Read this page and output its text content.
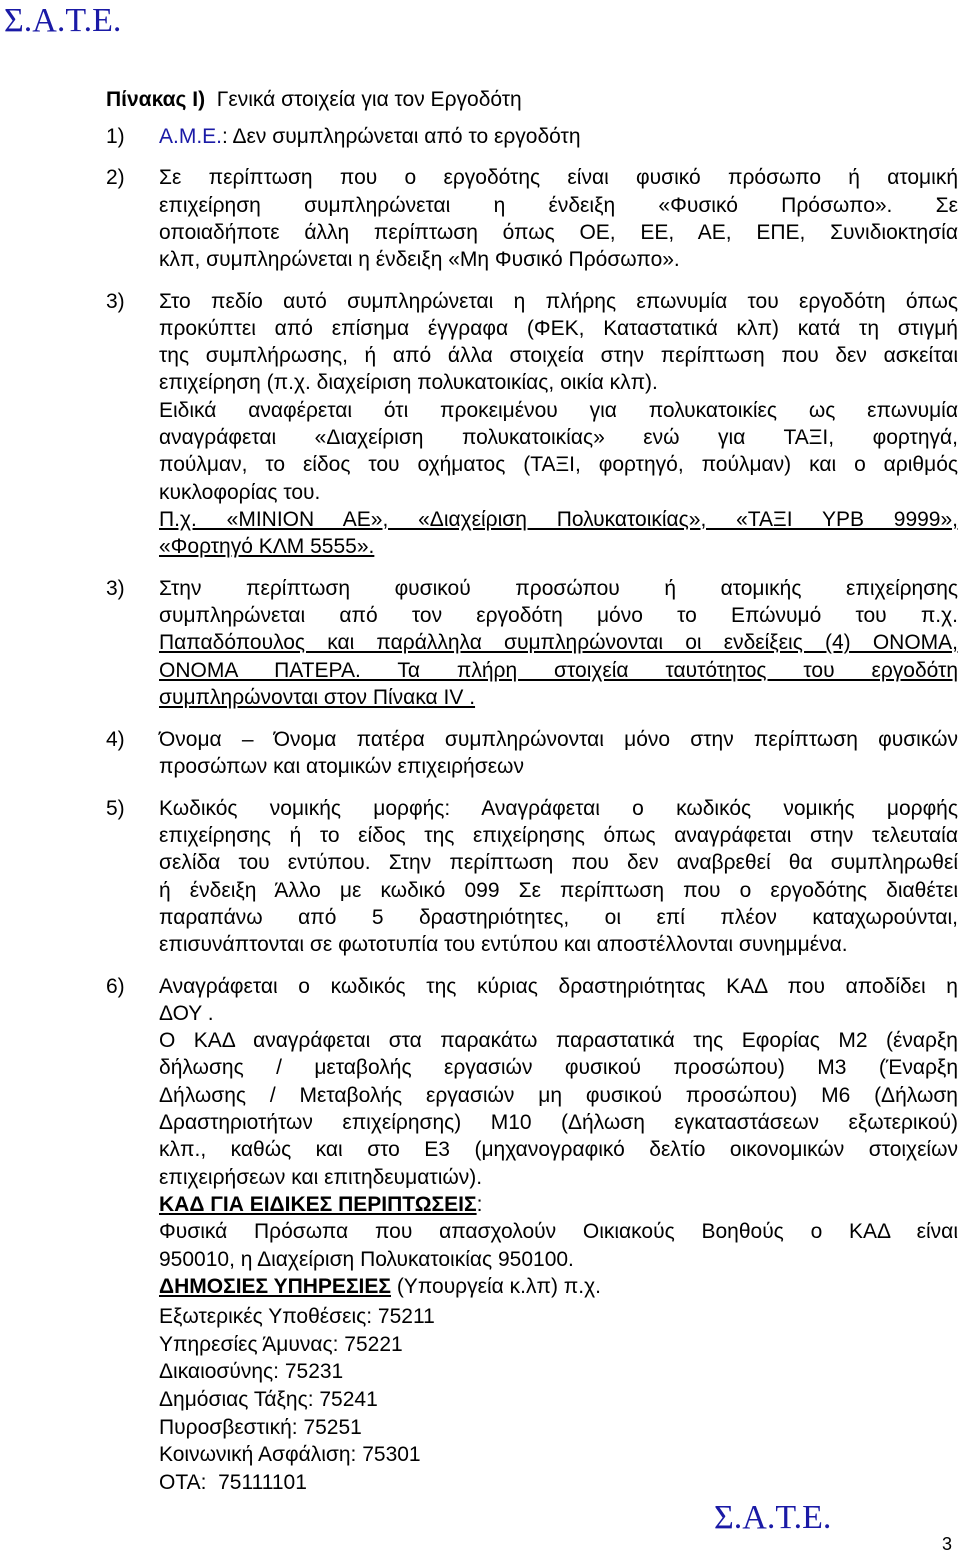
Σ.Α.Τ.Ε.
Πίνακας Ι) Γενικά στοιχεία για τον Εργοδότη
1) Α.Μ.Ε.: Δεν συμπληρώνεται από το εργοδότη
2) Σε περίπτωση που ο εργοδότης είναι φυσικό πρόσωπο ή ατομική
επιχείρηση συμπληρώνεται η ένδειξη «Φυσικό Πρόσωπο». Σε
οποιαδήποτε άλλη περίπτωση όπως ΟΕ, ΕΕ, ΑΕ, ΕΠΕ, Συνιδιοκτησία
κλπ, συμπληρώνεται η ένδειξη «Μη Φυσικό Πρόσωπο».
3) Στο πεδίο αυτό συμπληρώνεται η πλήρης επωνυμία του εργοδότη όπως
προκύπτει από επίσημα έγγραφα (ΦΕΚ, Καταστατικά κλπ) κατά τη στιγμή
της συμπλήρωσης, ή από άλλα στοιχεία στην περίπτωση που δεν ασκείται
επιχείρηση (π.χ. διαχείριση πολυκατοικίας, οικία κλπ).
Ειδικά αναφέρεται ότι προκειμένου για πολυκατοικίες ως επωνυμία
αναγράφεται «Διαχείριση πολυκατοικίας» ενώ για ΤΑΞΙ, φορτηγά,
πούλμαν, το είδος του οχήματος (ΤΑΞΙ, φορτηγό, πούλμαν) και ο αριθμός
κυκλοφορίας του.
Π.χ. «ΜΙΝΙΟΝ ΑΕ», «Διαχείριση Πολυκατοικίας», «ΤΑΞΙ ΥΡΒ 9999»,
«Φορτηγό ΚΛΜ 5555».
3) Στην περίπτωση φυσικού προσώπου ή ατομικής επιχείρησης
συμπληρώνεται από τον εργοδότη μόνο το Επώνυμό του π.χ.
Παπαδόπουλος και παράλληλα συμπληρώνονται οι ενδείξεις (4) ΟΝΟΜΑ,
ΟΝΟΜΑ ΠΑΤΕΡΑ. Τα πλήρη στοιχεία ταυτότητος του εργοδότη
συμπληρώνονται στον Πίνακα IV .
4) Όνομα – Όνομα πατέρα συμπληρώνονται μόνο στην περίπτωση φυσικών
προσώπων και ατομικών επιχειρήσεων
5) Κωδικός νομικής μορφής: Αναγράφεται ο κωδικός νομικής μορφής
επιχείρησης ή το είδος της επιχείρησης όπως αναγράφεται στην τελευταία
σελίδα του εντύπου. Στην περίπτωση που δεν αναβρεθεί θα συμπληρωθεί
ή ένδειξη Άλλο με κωδικό 099 Σε περίπτωση που ο εργοδότης διαθέτει
παραπάνω από 5 δραστηριότητες, οι επί πλέον καταχωρούνται,
επισυνάπτονται σε φωτοτυπία του εντύπου και αποστέλλονται συνημμένα.
6) Αναγράφεται ο κωδικός της κύριας δραστηριότητας ΚΑΔ που αποδίδει η
ΔΟΥ .
Ο ΚΑΔ αναγράφεται στα παρακάτω παραστατικά της Εφορίας Μ2 (έναρξη
δήλωσης / μεταβολής εργασιών φυσικού προσώπου) Μ3 (Έναρξη
Δήλωσης / Μεταβολής εργασιών μη φυσικού προσώπου) Μ6 (Δήλωση
Δραστηριοτήτων επιχείρησης) Μ10 (Δήλωση εγκαταστάσεων εξωτερικού)
κλπ., καθώς και στο Ε3 (μηχανογραφικό δελτίο οικονομικών στοιχείων
επιχειρήσεων και επιτηδευματιών).
ΚΑΔ ΓΙΑ ΕΙΔΙΚΕΣ ΠΕΡΙΠΤΩΣΕΙΣ:
Φυσικά Πρόσωπα που απασχολούν Οικιακούς Βοηθούς ο ΚΑΔ είναι
950010, η Διαχείριση Πολυκατοικίας 950100.
ΔΗΜΟΣΙΕΣ ΥΠΗΡΕΣΙΕΣ (Υπουργεία κ.λπ) π.χ.
Εξωτερικές Υποθέσεις: 75211
Υπηρεσίες Άμυνας: 75221
Δικαιοσύνης: 75231
Δημόσιας Τάξης: 75241
Πυροσβεστική: 75251
Κοινωνική Ασφάλιση: 75301
ΟΤΑ:  75111101
Σ.Α.Τ.Ε.
3
